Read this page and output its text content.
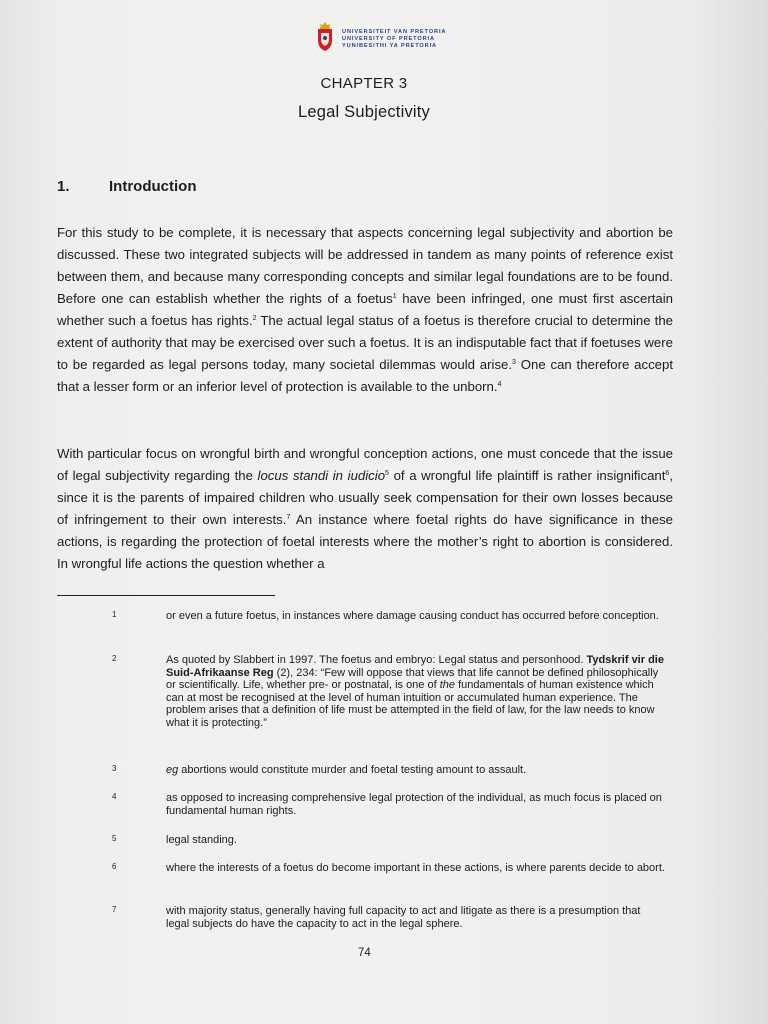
UNIVERSITEIT VAN PRETORIA
UNIVERSITY OF PRETORIA
YUNIBESITHI YA PRETORIA
CHAPTER 3
Legal Subjectivity
1.	Introduction
For this study to be complete, it is necessary that aspects concerning legal subjectivity and abortion be discussed. These two integrated subjects will be addressed in tandem as many points of reference exist between them, and because many corresponding concepts and similar legal foundations are to be found. Before one can establish whether the rights of a foetus$^1$ have been infringed, one must first ascertain whether such a foetus has rights.$^2$ The actual legal status of a foetus is therefore crucial to determine the extent of authority that may be exercised over such a foetus. It is an indisputable fact that if foetuses were to be regarded as legal persons today, many societal dilemmas would arise.$^3$ One can therefore accept that a lesser form or an inferior level of protection is available to the unborn.$^4$
With particular focus on wrongful birth and wrongful conception actions, one must concede that the issue of legal subjectivity regarding the locus standi in iudicio$^5$ of a wrongful life plaintiff is rather insignificant$^6$, since it is the parents of impaired children who usually seek compensation for their own losses because of infringement to their own interests.$^7$ An instance where foetal rights do have significance in these actions, is regarding the protection of foetal interests where the mother’s right to abortion is considered. In wrongful life actions the question whether a
1	or even a future foetus, in instances where damage causing conduct has occurred before conception.
2	As quoted by Slabbert in 1997. The foetus and embryo: Legal status and personhood. Tydskrif vir die Suid-Afrikaanse Reg (2), 234: “Few will oppose that views that life cannot be defined philosophically or scientifically. Life, whether pre- or postnatal, is one of the fundamentals of human existence which can at most be recognised at the level of human intuition or accumulated human experience. The problem arises that a definition of life must be attempted in the field of law, for the law needs to know what it is protecting.”
3	eg abortions would constitute murder and foetal testing amount to assault.
4	as opposed to increasing comprehensive legal protection of the individual, as much focus is placed on fundamental human rights.
5	legal standing.
6	where the interests of a foetus do become important in these actions, is where parents decide to abort.
7	with majority status, generally having full capacity to act and litigate as there is a presumption that legal subjects do have the capacity to act in the legal sphere.
74
